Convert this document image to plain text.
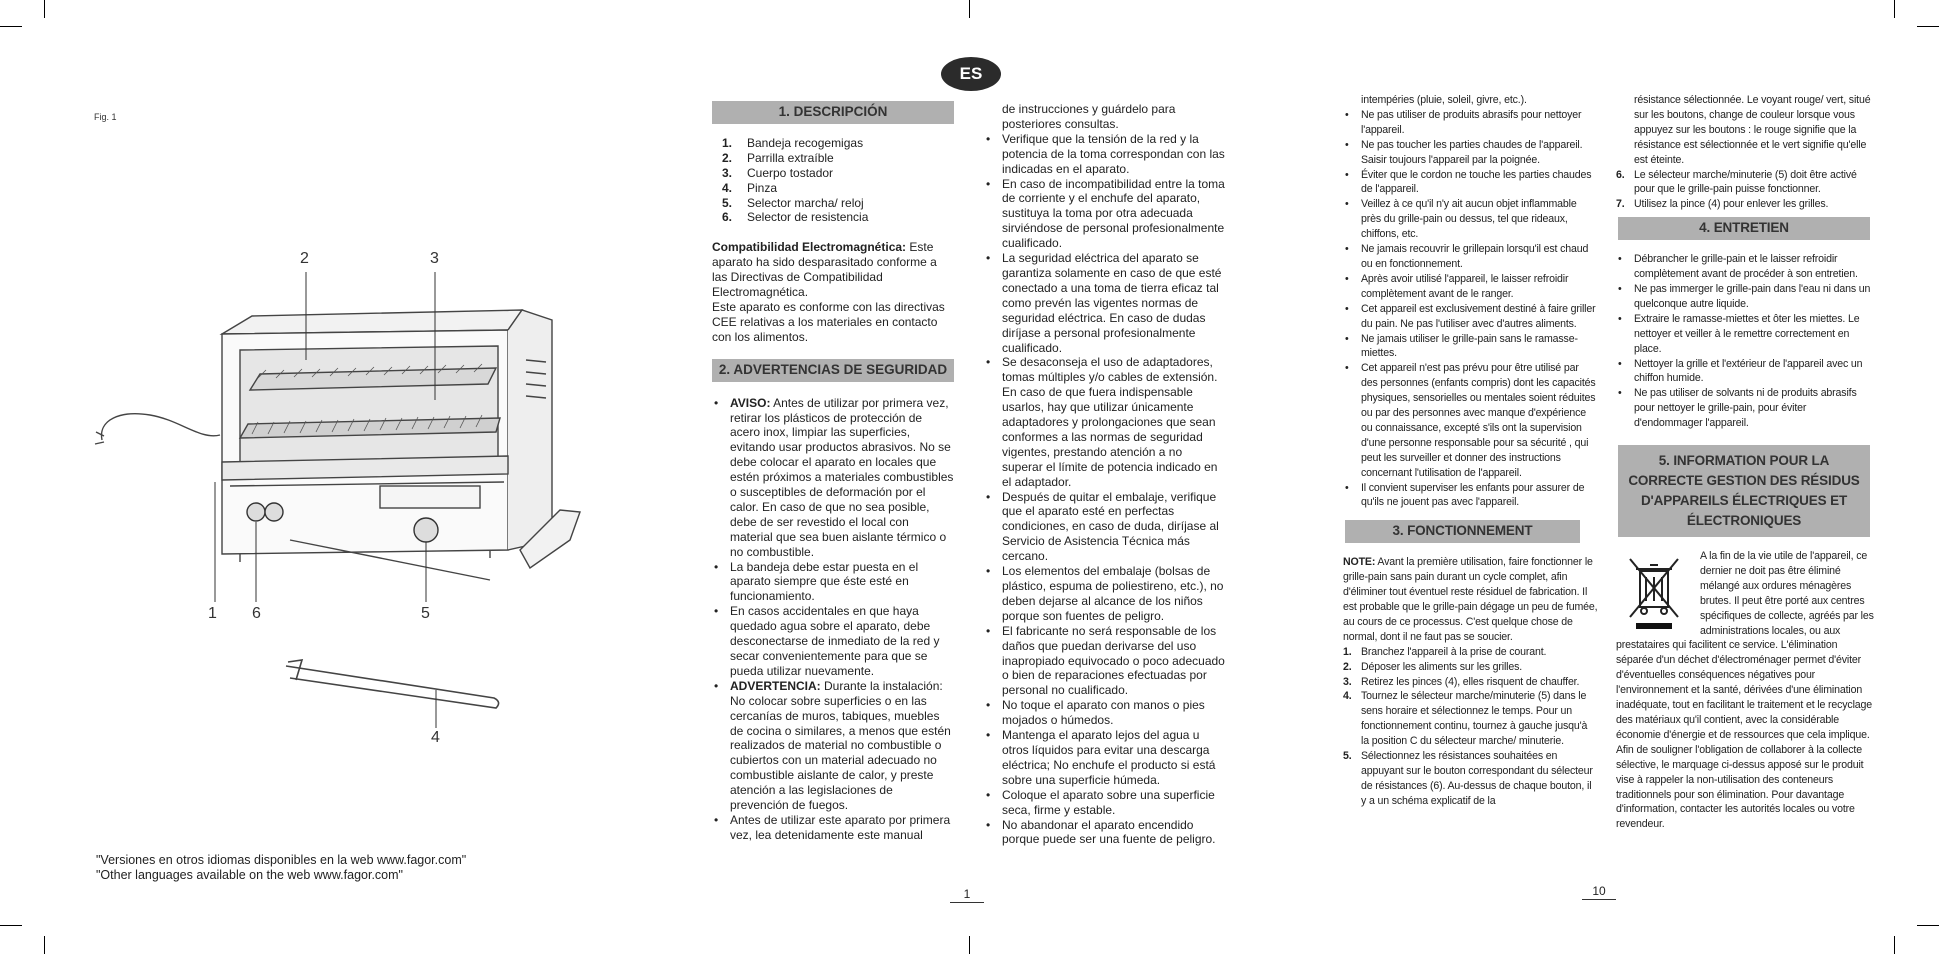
ES
Fig. 1
2	3
1 6	5
4
"Versiones en otros idiomas disponibles en la web www.fagor.com"
"Other languages available on the web www.fagor.com"
1. DESCRIPCIÓN
1. Bandeja recogemigas
2. Parrilla extraíble
3. Cuerpo tostador
4. Pinza
5. Selector marcha/ reloj
6. Selector de resistencia

Compatibilidad Electromagnética: Este aparato ha sido desparasitado conforme a las Directivas de Compatibilidad Electromagnética.

Este aparato es conforme con las directivas CEE relativas a los materiales en contacto con los alimentos.

2. ADVERTENCIAS DE SEGURIDAD
• AVISO: Antes de utilizar por primera vez, retirar los plásticos de protección de acero inox, limpiar las superficies, evitando usar productos abrasivos. No se debe colocar el aparato en locales que estén próximos a materiales combustibles o susceptibles de deformación por el calor. En caso de que no sea posible, debe de ser revestido el local con material que sea buen aislante térmico o no combustible.
• La bandeja debe estar puesta en el aparato siempre que éste esté en funcionamiento.
• En casos accidentales en que haya quedado agua sobre el aparato, debe desconectarse de inmediato de la red y secar convenientemente para que se pueda utilizar nuevamente.
• ADVERTENCIA: Durante la instalación: No colocar sobre superficies o en las cercanías de muros, tabiques, muebles de cocina o similares, a menos que estén realizados de material no combustible o cubiertos con un material adecuado no combustible aislante de calor, y preste atención a las legislaciones de prevención de fuegos.
• Antes de utilizar este aparato por primera vez, lea detenidamente este manual

de instrucciones y guárdelo para posteriores consultas.

• Verifique que la tensión de la red y la potencia de la toma correspondan con las indicadas en el aparato.
• En caso de incompatibilidad entre la toma de corriente y el enchufe del aparato, sustituya la toma por otra adecuada sirviéndose de personal profesionalmente cualificado.
• La seguridad eléctrica del aparato se garantiza solamente en caso de que esté conectado a una toma de tierra eficaz tal como prevén las vigentes normas de seguridad eléctrica. En caso de dudas diríjase a personal profesionalmente cualificado.
• Se desaconseja el uso de adaptadores, tomas múltiples y/o cables de extensión. En caso de que fuera indispensable usarlos, hay que utilizar únicamente adaptadores y prolongaciones que sean conformes a las normas de seguridad vigentes, prestando atención a no superar el límite de potencia indicado en el adaptador.
• Después de quitar el embalaje, verifique que el aparato esté en perfectas condiciones, en caso de duda, diríjase al Servicio de Asistencia Técnica más cercano.
• Los elementos del embalaje (bolsas de plástico, espuma de poliestireno, etc.), no deben dejarse al alcance de los niños porque son fuentes de peligro.
• El fabricante no será responsable de los daños que puedan derivarse del uso inapropiado equivocado o poco adecuado o bien de reparaciones efectuadas por personal no cualificado.
• No toque el aparato con manos o pies mojados o húmedos.
• Mantenga el aparato lejos del agua u otros líquidos para evitar una descarga eléctrica; No enchufe el producto si está sobre una superficie húmeda.
• Coloque el aparato sobre una superficie seca, firme y estable.
• No abandonar el aparato encendido porque puede ser una fuente de peligro.
1

intempéries (pluie, soleil, givre, etc.).

• Ne pas utiliser de produits abrasifs pour nettoyer l'appareil.
• Ne pas toucher les parties chaudes de l'appareil. Saisir toujours l'appareil par la poignée.
• Éviter que le cordon ne touche les parties chaudes de l'appareil.
• Veillez à ce qu'il n'y ait aucun objet inflammable près du grille-pain ou dessus, tel que rideaux, chiffons, etc.
• Ne jamais recouvrir le grillepain lorsqu'il est chaud ou en fonctionnement.
• Après avoir utilisé l'appareil, le laisser refroidir complètement avant de le ranger.
• Cet appareil est exclusivement destiné à faire griller du pain. Ne pas l'utiliser avec d'autres aliments.
• Ne jamais utiliser le grille-pain sans le ramasse-miettes.
• Cet appareil n'est pas prévu pour être utilisé par des personnes (enfants compris) dont les capacités physiques, sensorielles ou mentales soient réduites ou par des personnes avec manque d'expérience ou connaissance, excepté s'ils ont la supervision d'une personne responsable pour sa sécurité , qui peut les surveiller et donner des instructions concernant l'utilisation de l'appareil.
• Il convient superviser les enfants pour assurer de qu'ils ne jouent pas avec l'appareil.
3. FONCTIONNEMENT

NOTE: Avant la première utilisation, faire fonctionner le grille-pain sans pain durant un cycle complet, afin d'éliminer tout éventuel reste résiduel de fabrication. Il est probable que le grille-pain dégage un peu de fumée, au cours de ce processus. C'est quelque chose de normal, dont il ne faut pas se soucier.

1. Branchez l'appareil à la prise de courant.
2. Déposer les aliments sur les grilles.
3. Retirez les pinces (4), elles risquent de chauffer.
4. Tournez le sélecteur marche/minuterie (5) dans le sens horaire et sélectionnez le temps. Pour un fonctionnement continu, tournez à gauche jusqu'à la position C du sélecteur marche/ minuterie.
5. Sélectionnez les résistances souhaitées en appuyant sur le bouton correspondant du sélecteur de résistances (6). Au-dessus de chaque bouton, il y a un schéma explicatif de la

résistance sélectionnée. Le voyant rouge/ vert, situé sur les boutons, change de couleur lorsque vous appuyez sur les boutons : le rouge signifie que la résistance est sélectionnée et le vert signifie qu'elle est éteinte.

6. Le sélecteur marche/minuterie (5) doit être activé pour que le grille-pain puisse fonctionner.
7. Utilisez la pince (4) pour enlever les grilles.
4. ENTRETIEN
• Débrancher le grille-pain et le laisser refroidir complètement avant de procéder à son entretien.
• Ne pas immerger le grille-pain dans l'eau ni dans un quelconque autre liquide.
• Extraire le ramasse-miettes et ôter les miettes. Le nettoyer et veiller à le remettre correctement en place.
• Nettoyer la grille et l'extérieur de l'appareil avec un chiffon humide.
• Ne pas utiliser de solvants ni de produits abrasifs pour nettoyer le grille-pain, pour éviter d'endommager l'appareil.
5. INFORMATION POUR LA CORRECTE GESTION DES RÉSIDUS D'APPAREILS ÉLECTRIQUES ET ÉLECTRONIQUES

A la fin de la vie utile de l'appareil, ce dernier ne doit pas être éliminé mélangé aux ordures ménagères brutes. Il peut être porté aux centres spécifiques de collecte, agréés par les administrations locales, ou aux prestataires qui facilitent ce service. L'élimination séparée d'un déchet d'électroménager permet d'éviter d'éventuelles conséquences négatives pour l'environnement et la santé, dérivées d'une élimination inadéquate, tout en facilitant le traitement et le recyclage des matériaux qu'il contient, avec la considérable économie d'énergie et de ressources que cela implique. Afin de souligner l'obligation de collaborer à la collecte sélective, le marquage ci-dessus apposé sur le produit vise à rappeler la non-utilisation des conteneurs traditionnels pour son élimination. Pour davantage d'information, contacter les autorités locales ou votre revendeur.

10
